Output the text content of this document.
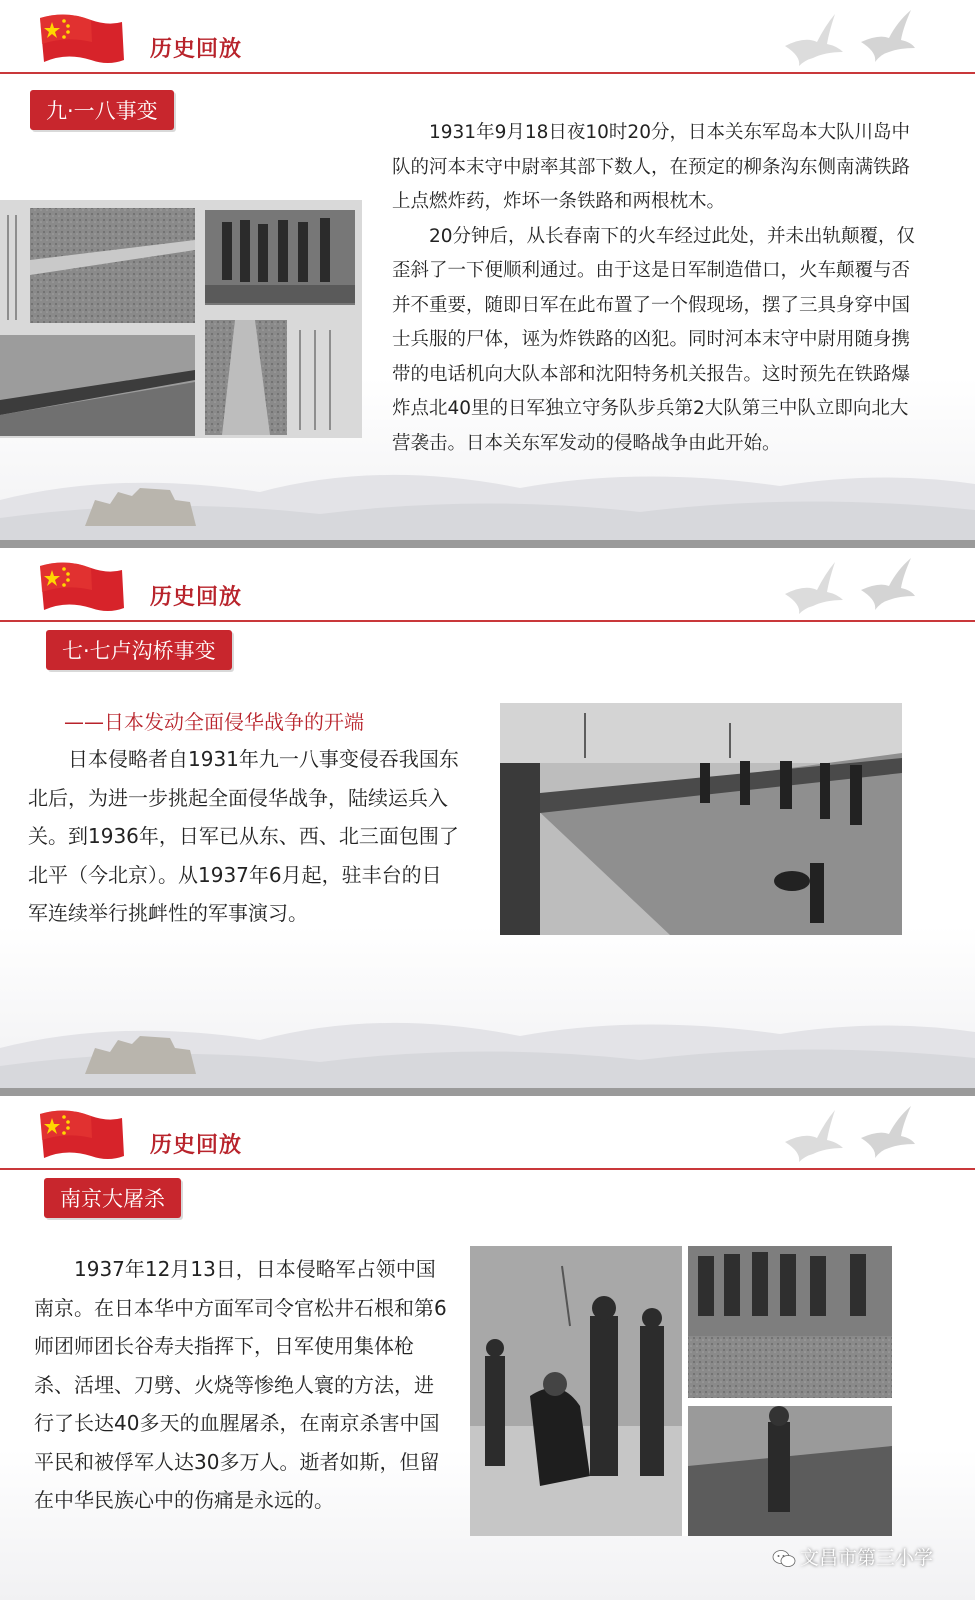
历史回放
九·一八事变

1931年9月18日夜10时20分，日本关东军岛本大队川岛中队的河本末守中尉率其部下数人，在预定的柳条沟东侧南满铁路上点燃炸药，炸坏一条铁路和两根枕木。

20分钟后，从长春南下的火车经过此处，并未出轨颠覆，仅歪斜了一下便顺利通过。由于这是日军制造借口，火车颠覆与否并不重要，随即日军在此布置了一个假现场，摆了三具身穿中国士兵服的尸体，诬为炸铁路的凶犯。同时河本末守中尉用随身携带的电话机向大队本部和沈阳特务机关报告。这时预先在铁路爆炸点北40里的日军独立守务队步兵第2大队第三中队立即向北大营袭击。日本关东军发动的侵略战争由此开始。

历史回放
七·七卢沟桥事变
——日本发动全面侵华战争的开端

日本侵略者自1931年九一八事变侵吞我国东北后，为进一步挑起全面侵华战争，陆续运兵入关。到1936年，日军已从东、西、北三面包围了北平（今北京）。从1937年6月起，驻丰台的日军连续举行挑衅性的军事演习。

历史回放
南京大屠杀

1937年12月13日，日本侵略军占领中国南京。在日本华中方面军司令官松井石根和第6师团师团长谷寿夫指挥下，日军使用集体枪杀、活埋、刀劈、火烧等惨绝人寰的方法，进行了长达40多天的血腥屠杀，在南京杀害中国平民和被俘军人达30多万人。逝者如斯，但留在中华民族心中的伤痛是永远的。

文昌市第三小学
